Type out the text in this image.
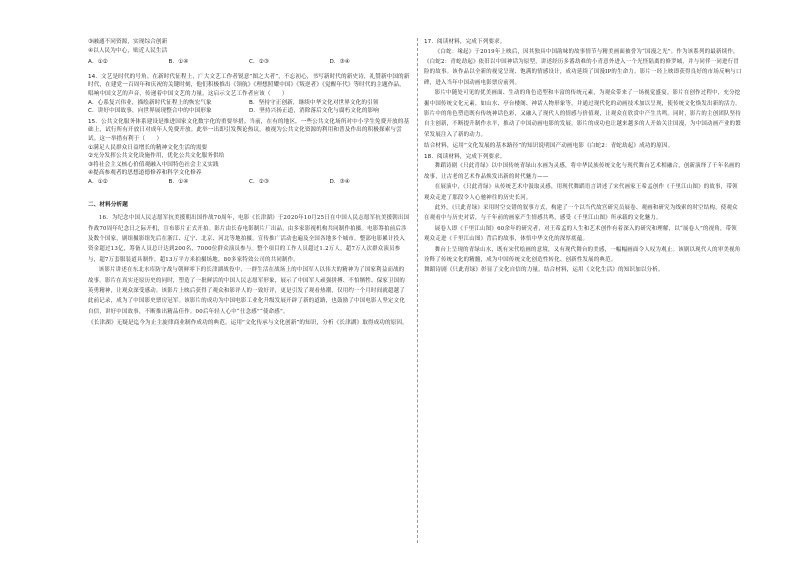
③融通不同资源，实现综合创新

④以人民为中心，贴近人民生活

A．①②	B．①④	C．②③	D．③④

14．文艺是时代的号角。在新时代征程上，广大文艺工作者锐意“图之大者”，不忘初心，书写新时代的新史诗，礼赞新中国的新时代，在建党一百周年和庆祝的关键时刻，他们积极推出《领航》《理想照耀中国》《叛逆者》《觉醒年代》等时代的主题作品，唱响中国文艺的声音，传递着中国文艺的力量。这启示文艺工作者应该（　　）

A．心系复兴伟业，描绘新时代征程上的恢宏气象	B．坚持守正创新，继续中华文化对世界文化的引领
C．讲好中国故事，向世界展现整合中的中国形象	D．坚持兴扬正道，消除落后文化与腐朽文化的影响

15．公共文化服务体系建设是推进国家文化数字化的重要举措。当前，在有的地区，一些公共文化场所对中小学生免费开放的基础上，试行所有开放日对成年人免费开放。此举一出即引发舆论热议，被视为公共文化资源的利用和普及作出的积极探索与尝试。这一举措有利于（　　）

①满足人民群众日益增长的精神文化生活的需要

②充分发挥公共文化设施作用，优化公共文化服务供给

③将社会主义核心价值观融入中国特色社会主义实践

④提高参观者的思想道德修养和科学文化修养

A．①②	B．①④	C．②③	D．③④

二、材料分析题

16．为纪念中国人民志愿军抗美援朝出国作战70周年，电影《长津湖》于2020年10月25日在中国人民志愿军抗美援朝出国作战70周年纪念日之际开机，宣布影片正式开拍。影片由长春电影制片厂出品，由多家影视机构共同制作拍摄。电影筹拍前后涉及数个国家，剧组摄影组先后在浙江、辽宁、北京、河北等地拍摄，宣传推广活动也遍及全国各地多个城市。整部电影累计投入资金超过13亿，筹备人员总计达到200名，7000位群众演员参与。整个项目的工作人员超过1.2万人，超7万人次群众演员参与，超7万套服装道具制作，超13万平方米拍摄场地，80多家特效公司的共同制作。

该影片讲述在东北水库防守战与朝鲜零下的长津湖战役中，一群生活在战场上的中国军人以伟大的精神为了国家利益而战的故事。影片在真实还原历史的同时，塑造了一批鲜活的中国人民志愿军形象，展示了中国军人顽强拼搏、不怕牺牲、保家卫国的英勇精神，让观众深受感动。该影片上映后获得了观众和影评人的一致好评，更是引发了观看热潮，仅用约一个月时间就超越了此前记录，成为了中国影史票房冠军。该影片的成功为中国电影工业化升级发展开辟了新的道路，也鼓励了中国电影人坚定文化自信，讲好中国故事，不断推出精品佳作。00后年轻人心中“仕念感”“使命感”。

《长津湖》无疑是迄今为止主旋律商业制作成功的典范。运用“文化传承与文化创新”的知识，分析《长津湖》取得成功的原因。

17．阅读材料，完成下列要求。

《白蛇：缘起》于2019年上映后，因其独具中国韵味的故事情节与精美画面被誉为“国漫之光”。作为该系列的最新续作，《白蛇2：青蛇劫起》依旧以中国神话为原型，讲述经历多番劫难的小青意外进入一个光怪陆离的修罗城，并与同伴一同进行冒险的故事。该作品以全新的视觉呈现、饱满的情感设计，成功延续了国漫IP的生命力。影片一经上映即获得良好的市场反响与口碑，进入当年中国动画电影票房前列。

影片中随处可见的优美画面、生动的角色造型和丰富的传统元素，为观众带来了一场视觉盛宴。影片在创作过程中，充分挖掘中国传统文化元素，如山水、亭台楼阁、神话人物形象等，并通过现代化的动画技术加以呈现，使传统文化焕发出新的活力。影片中的角色塑造既有传统神话色彩，又融入了现代人的情感与价值观，让观众在欣赏中产生共鸣。同时，影片的主创团队坚持自主创新，不断提升制作水平，推动了中国动画电影的发展。影片的成功也让越来越多的人开始关注国漫，为中国动画产业的繁荣发展注入了新的动力。

结合材料，运用“文化发展的基本路径”的知识说明国产动画电影《白蛇2：青蛇劫起》成功的原因。

18．阅读材料，完成下列要求。

舞蹈诗剧《只此青绿》以中国传统青绿山水画为灵感，将中华民族传统文化与现代舞台艺术相融合，创新演绎了千年名画的故事，让古老的艺术作品焕发出新的时代魅力——

在展演中，《只此青绿》从传统艺术中汲取灵感，用现代舞蹈语言讲述了宋代画家王希孟创作《千里江山图》的故事，带领观众走进了那段令人心驰神往的历史长河。

此外，《只此青绿》采用时空交错的叙事方式，构建了一个以当代故宫研究员展卷、观画和研究为线索的时空结构，使观众在观看中与历史对话，与千年前的画家产生情感共鸣，感受《千里江山图》所承载的文化魅力。

展卷人即《千里江山图》60余年的研究者，对王希孟的人生和艺术创作有着深入的研究和理解，以“展卷人”的视角，带领观众走进《千里江山图》背后的故事，体悟中华文化的深厚底蕴。

舞台上呈现的青绿山水，既有宋代绘画的意境，又有现代舞台的美感，一幅幅画面令人叹为观止。该剧以现代人的审美视角诠释了传统文化的精髓，成为中国传统文化创造性转化、创新性发展的典范。

舞蹈诗剧《只此青绿》彰显了文化自信的力量。结合材料，运用《文化生活》的知识加以分析。
